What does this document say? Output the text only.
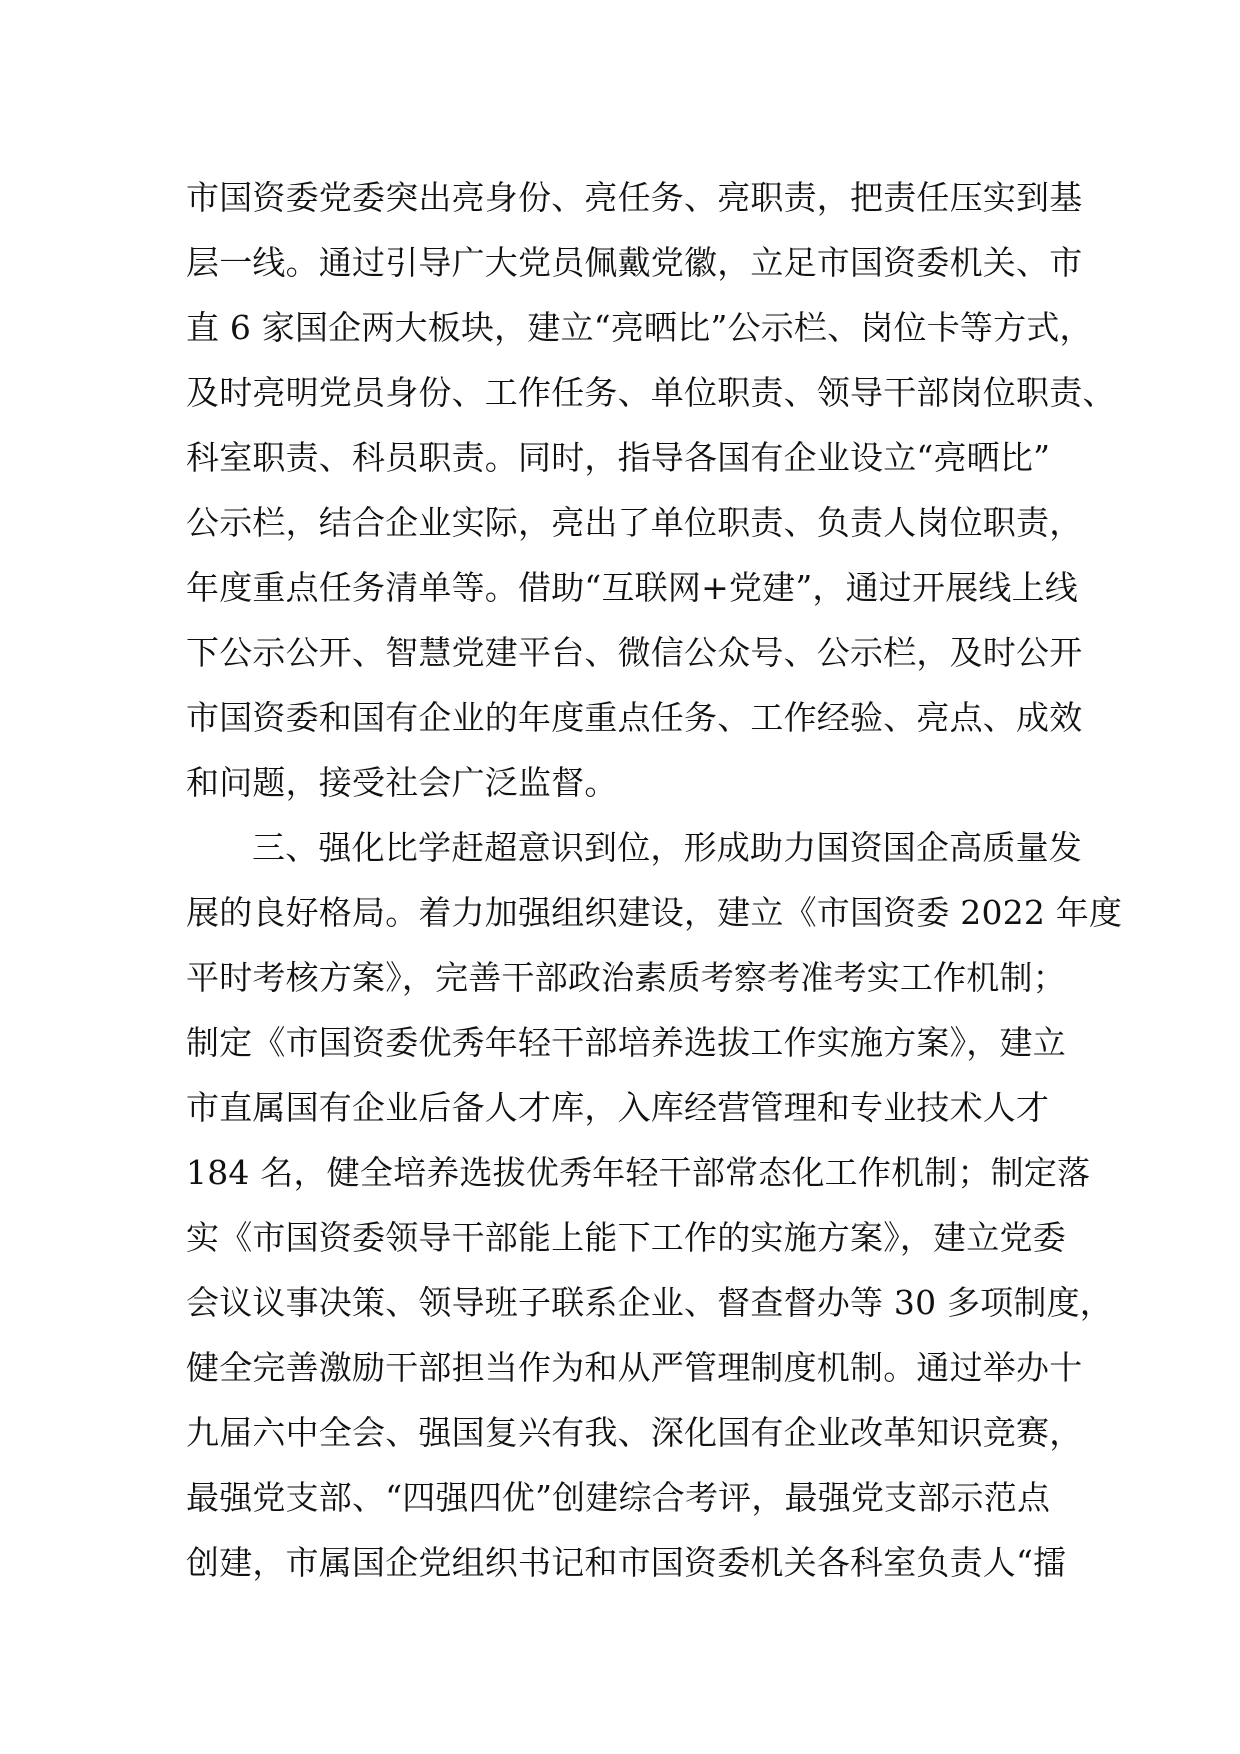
市国资委党委突出亮身份、亮任务、亮职责，把责任压实到基
层一线。通过引导广大党员佩戴党徽，立足市国资委机关、市
直 6 家国企两大板块，建立“亮晒比”公示栏、岗位卡等方式，
及时亮明党员身份、工作任务、单位职责、领导干部岗位职责、
科室职责、科员职责。同时，指导各国有企业设立“亮晒比”
公示栏，结合企业实际，亮出了单位职责、负责人岗位职责，
年度重点任务清单等。借助“互联网+党建”，通过开展线上线
下公示公开、智慧党建平台、微信公众号、公示栏，及时公开
市国资委和国有企业的年度重点任务、工作经验、亮点、成效
和问题，接受社会广泛监督。
三、强化比学赶超意识到位，形成助力国资国企高质量发
展的良好格局。着力加强组织建设，建立《市国资委 2022 年度
平时考核方案》，完善干部政治素质考察考准考实工作机制；
制定《市国资委优秀年轻干部培养选拔工作实施方案》，建立
市直属国有企业后备人才库，入库经营管理和专业技术人才
184 名，健全培养选拔优秀年轻干部常态化工作机制；制定落
实《市国资委领导干部能上能下工作的实施方案》，建立党委
会议议事决策、领导班子联系企业、督查督办等 30 多项制度，
健全完善激励干部担当作为和从严管理制度机制。通过举办十
九届六中全会、强国复兴有我、深化国有企业改革知识竞赛，
最强党支部、“四强四优”创建综合考评，最强党支部示范点
创建，市属国企党组织书记和市国资委机关各科室负责人“擂
